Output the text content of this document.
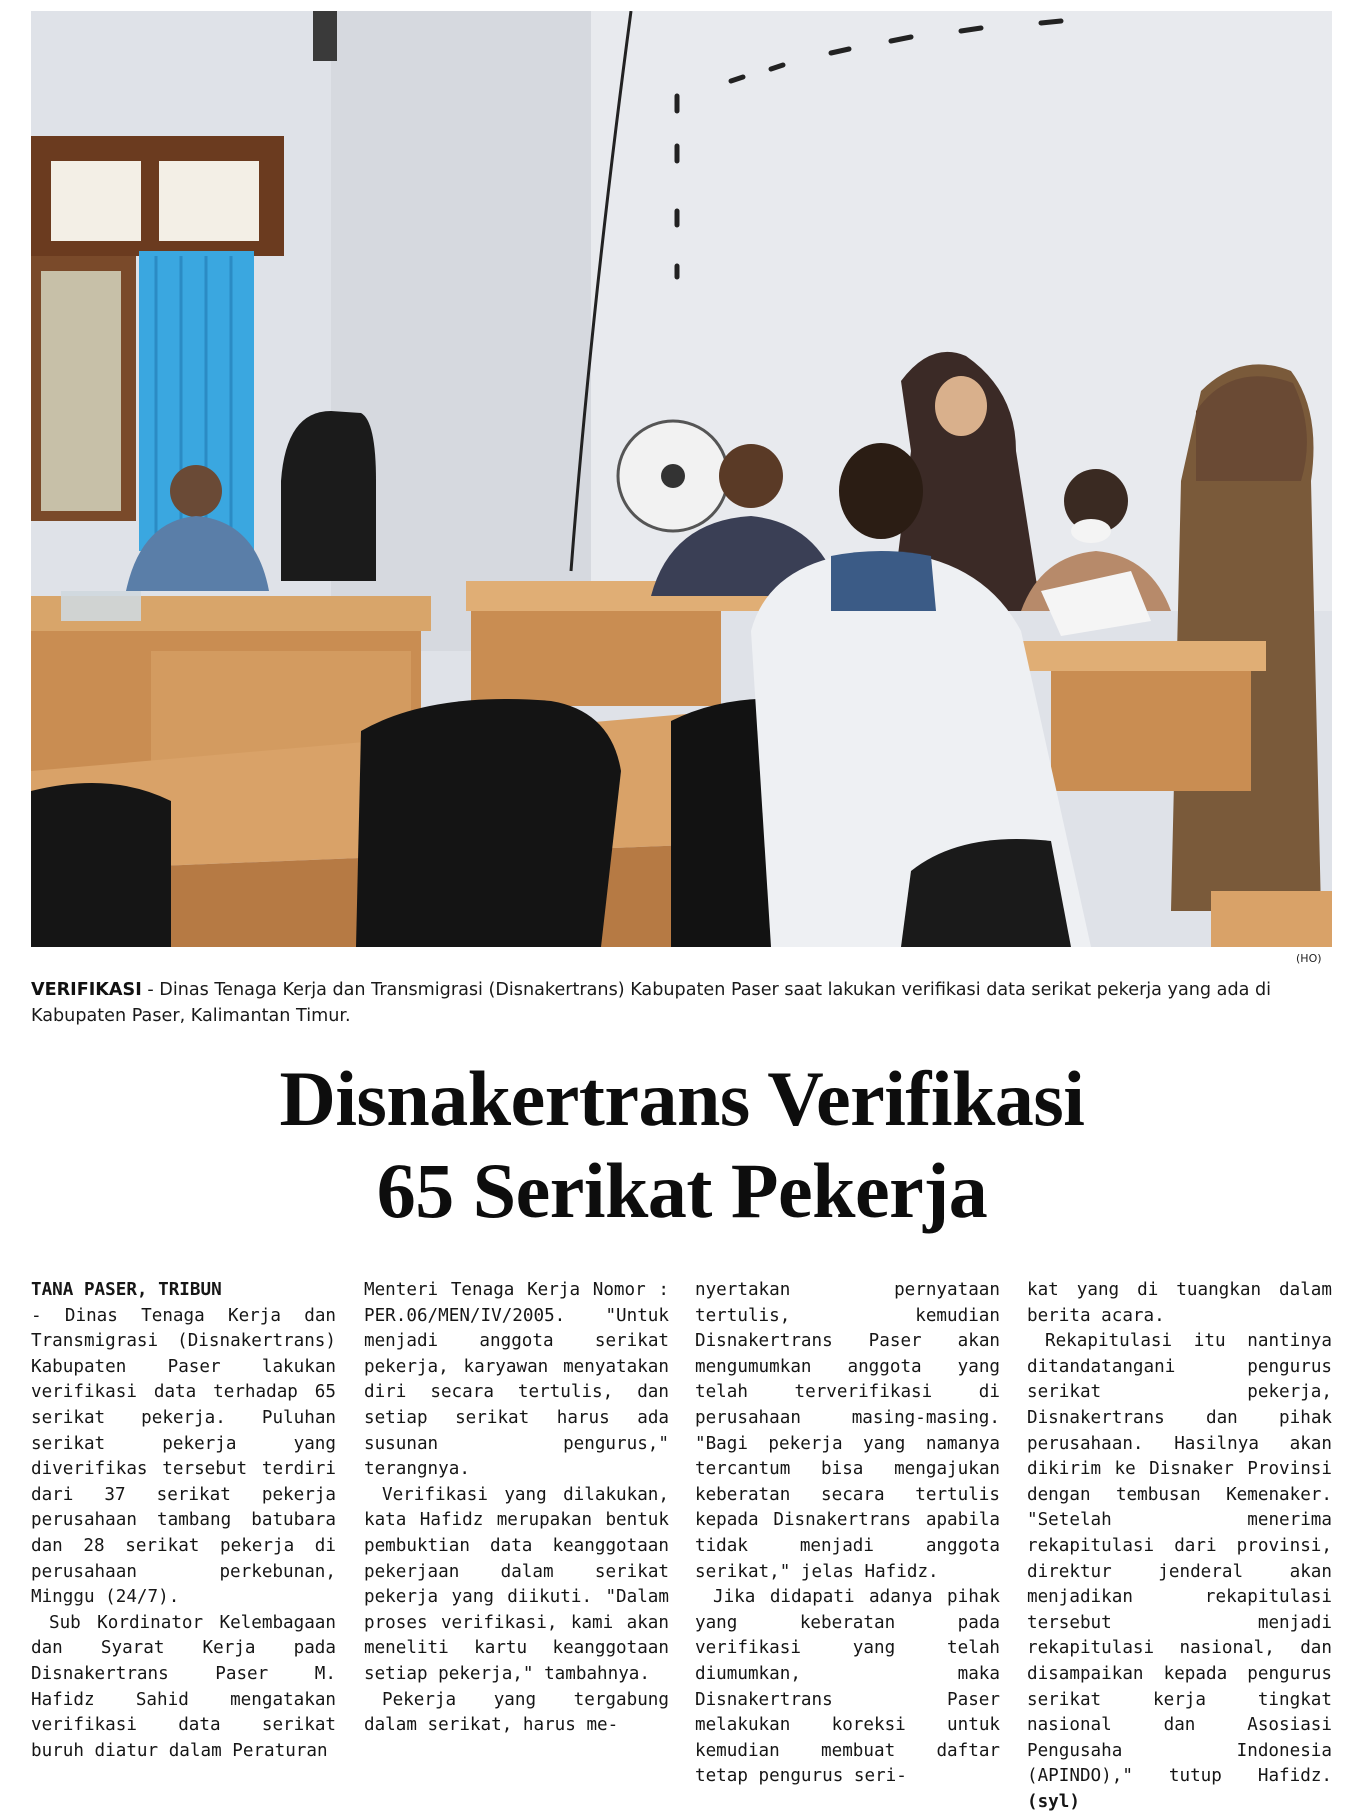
(HO)
VERIFIKASI - Dinas Tenaga Kerja dan Transmigrasi (Disnakertrans) Kabupaten Paser saat lakukan verifikasi data serikat pekerja yang ada di Kabupaten Paser, Kalimantan Timur.
Disnakertrans Verifikasi
65 Serikat Pekerja

TANA PASER, TRIBUN

- Dinas Tenaga Kerja dan Transmigrasi (Disnakertrans) Kabupaten Paser lakukan verifikasi data terhadap 65 serikat pekerja. Puluhan serikat pekerja yang diverifikas tersebut terdiri dari 37 serikat pekerja perusahaan tambang batubara dan 28 serikat pekerja di perusahaan perkebunan, Minggu (24/7).

Sub Kordinator Kelembagaan dan Syarat Kerja pada Disnakertrans Paser M. Hafidz Sahid mengatakan verifikasi data serikat buruh diatur dalam Peraturan

Menteri Tenaga Kerja Nomor : PER.06/MEN/IV/2005. "Untuk menjadi anggota serikat pekerja, karyawan menyatakan diri secara tertulis, dan setiap serikat harus ada susunan pengurus," terangnya.

Verifikasi yang dilakukan, kata Hafidz merupakan bentuk pembuktian data keanggotaan pekerjaan dalam serikat pekerja yang diikuti. "Dalam proses verifikasi, kami akan meneliti kartu keanggotaan setiap pekerja," tambahnya.

Pekerja yang tergabung dalam serikat, harus me-

nyertakan pernyataan tertulis, kemudian Disnakertrans Paser akan mengumumkan anggota yang telah terverifikasi di perusahaan masing-masing. "Bagi pekerja yang namanya tercantum bisa mengajukan keberatan secara tertulis kepada Disnakertrans apabila tidak menjadi anggota serikat," jelas Hafidz.

Jika didapati adanya pihak yang keberatan pada verifikasi yang telah diumumkan, maka Disnakertrans Paser melakukan koreksi untuk kemudian membuat daftar tetap pengurus seri-

kat yang di tuangkan dalam berita acara.

Rekapitulasi itu nantinya ditandatangani pengurus serikat pekerja, Disnakertrans dan pihak perusahaan. Hasilnya akan dikirim ke Disnaker Provinsi dengan tembusan Kemenaker. "Setelah menerima rekapitulasi dari provinsi, direktur jenderal akan menjadikan rekapitulasi tersebut menjadi rekapitulasi nasional, dan disampaikan kepada pengurus serikat kerja tingkat nasional dan Asosiasi Pengusaha Indonesia (APINDO)," tutup Hafidz. (syl)
